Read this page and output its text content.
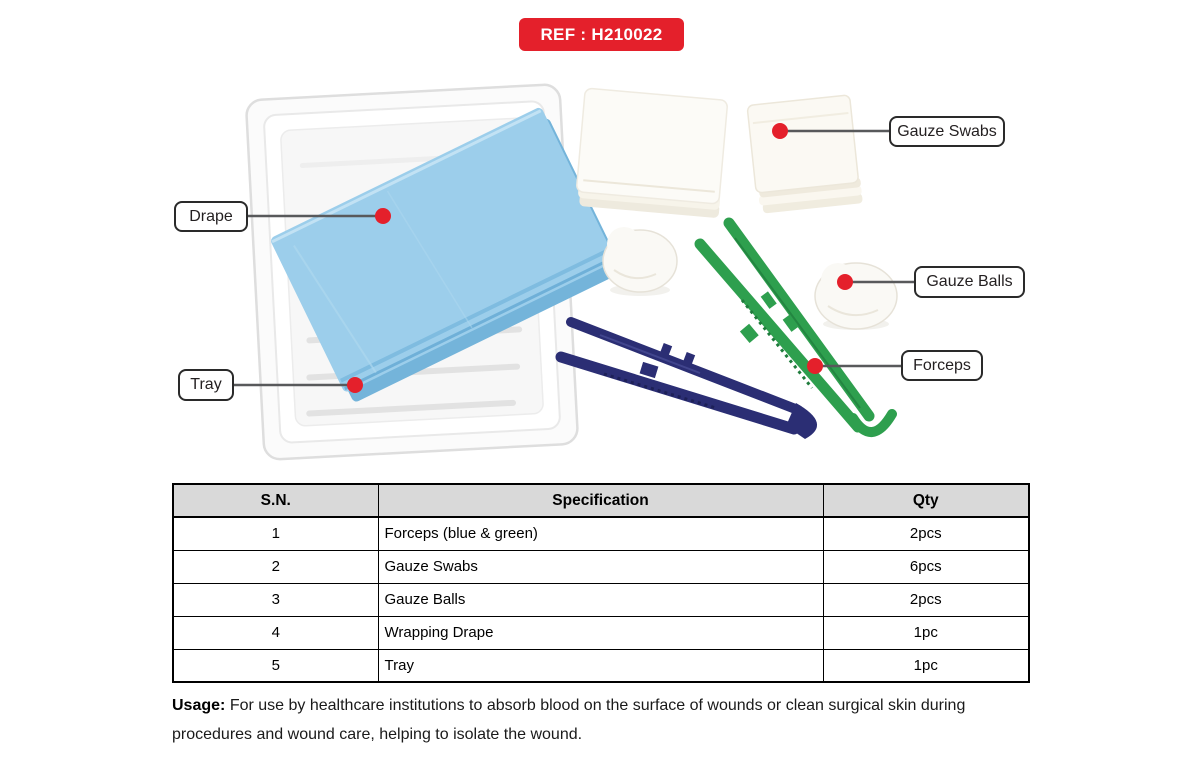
REF : H210022
Drape
Tray
Gauze Swabs
Gauze Balls
Forceps
S.N.	Specification	Qty
1	Forceps (blue & green)	2pcs
2	Gauze Swabs	6pcs
3	Gauze Balls	2pcs
4	Wrapping Drape	1pc
5	Tray	1pc

Usage: For use by healthcare institutions to absorb blood on the surface of wounds or clean surgical skin during procedures and wound care, helping to isolate the wound.
